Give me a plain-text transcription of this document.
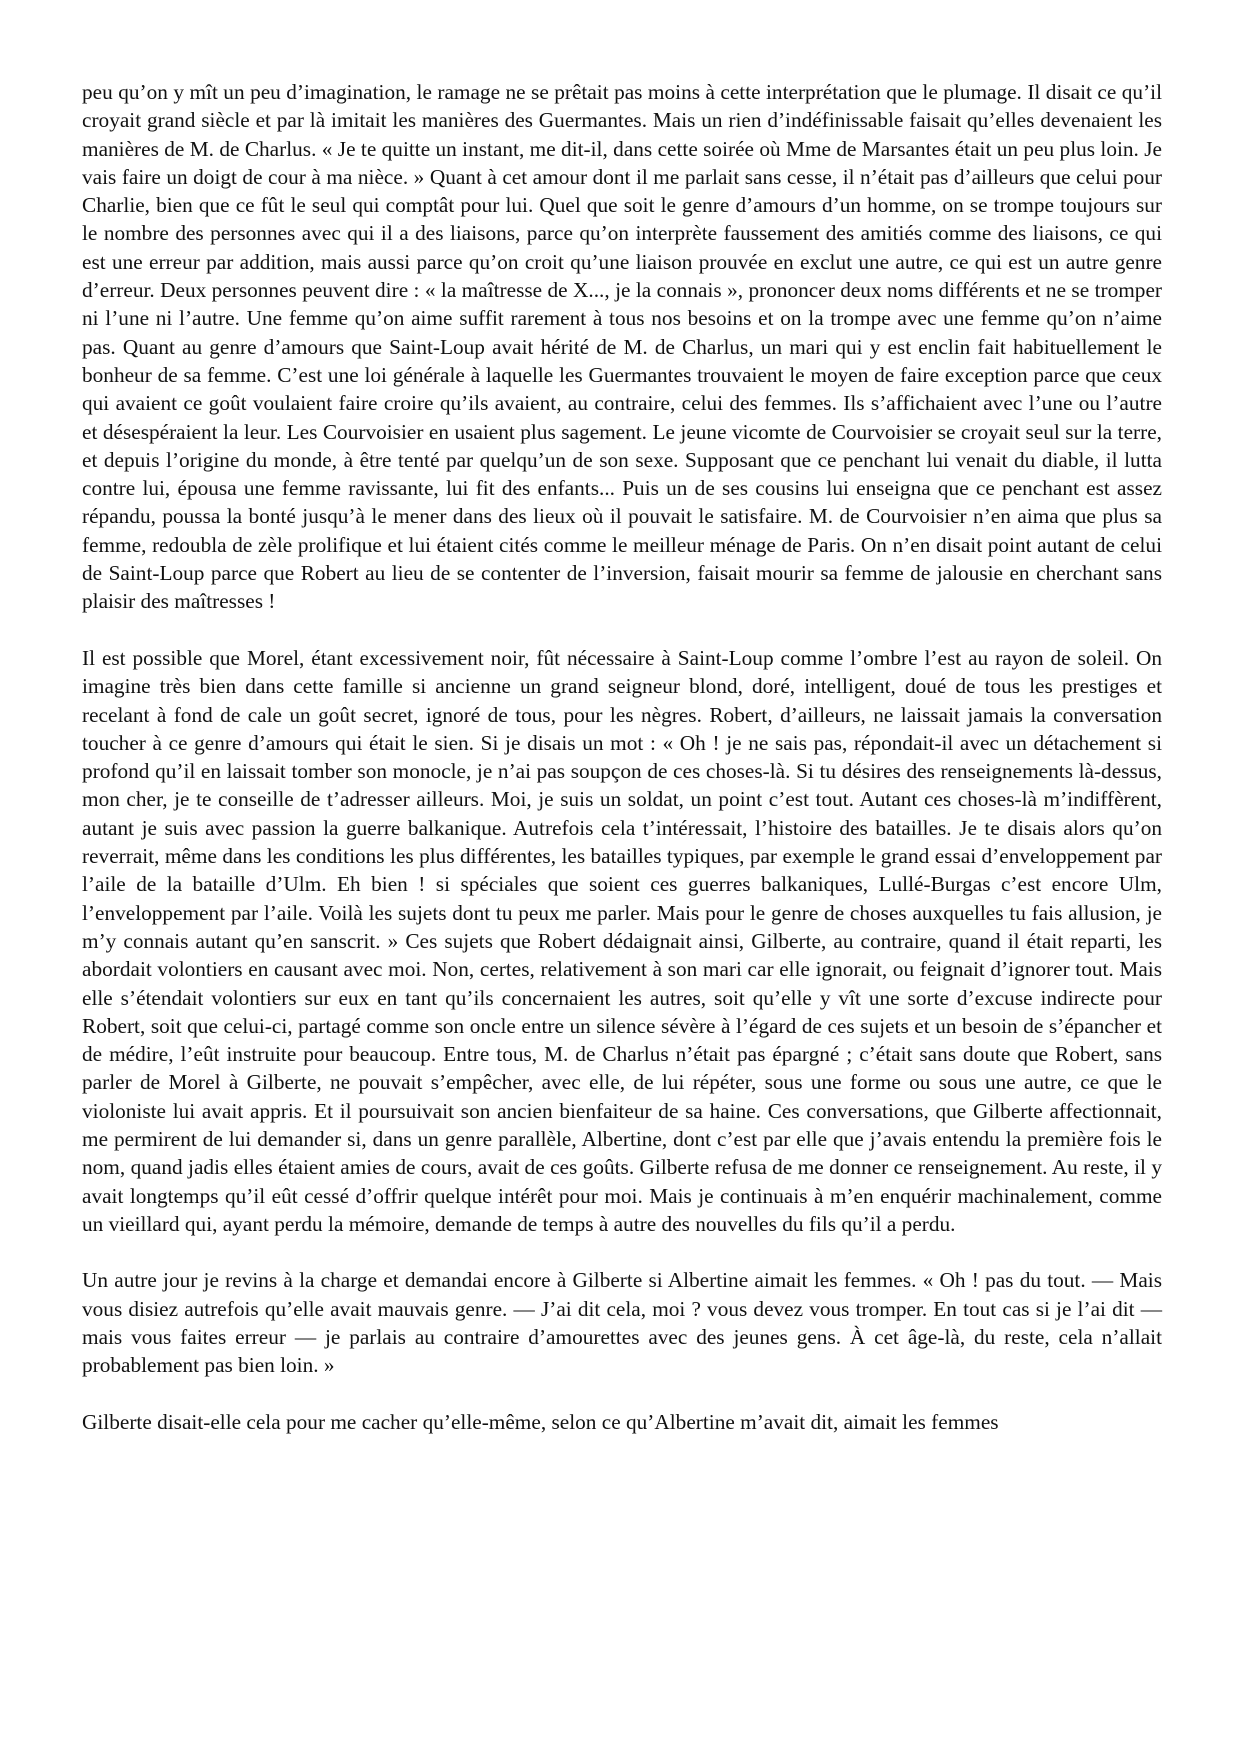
peu qu’on y mît un peu d’imagination, le ramage ne se prêtait pas moins à cette interprétation que le plumage. Il disait ce qu’il croyait grand siècle et par là imitait les manières des Guermantes. Mais un rien d’indéfinissable faisait qu’elles devenaient les manières de M. de Charlus. « Je te quitte un instant, me dit-il, dans cette soirée où Mme de Marsantes était un peu plus loin. Je vais faire un doigt de cour à ma nièce. » Quant à cet amour dont il me parlait sans cesse, il n’était pas d’ailleurs que celui pour Charlie, bien que ce fût le seul qui comptât pour lui. Quel que soit le genre d’amours d’un homme, on se trompe toujours sur le nombre des personnes avec qui il a des liaisons, parce qu’on interprète faussement des amitiés comme des liaisons, ce qui est une erreur par addition, mais aussi parce qu’on croit qu’une liaison prouvée en exclut une autre, ce qui est un autre genre d’erreur. Deux personnes peuvent dire : « la maîtresse de X..., je la connais », prononcer deux noms différents et ne se tromper ni l’une ni l’autre. Une femme qu’on aime suffit rarement à tous nos besoins et on la trompe avec une femme qu’on n’aime pas. Quant au genre d’amours que Saint-Loup avait hérité de M. de Charlus, un mari qui y est enclin fait habituellement le bonheur de sa femme. C’est une loi générale à laquelle les Guermantes trouvaient le moyen de faire exception parce que ceux qui avaient ce goût voulaient faire croire qu’ils avaient, au contraire, celui des femmes. Ils s’affichaient avec l’une ou l’autre et désespéraient la leur. Les Courvoisier en usaient plus sagement. Le jeune vicomte de Courvoisier se croyait seul sur la terre, et depuis l’origine du monde, à être tenté par quelqu’un de son sexe. Supposant que ce penchant lui venait du diable, il lutta contre lui, épousa une femme ravissante, lui fit des enfants... Puis un de ses cousins lui enseigna que ce penchant est assez répandu, poussa la bonté jusqu’à le mener dans des lieux où il pouvait le satisfaire. M. de Courvoisier n’en aima que plus sa femme, redoubla de zèle prolifique et lui étaient cités comme le meilleur ménage de Paris. On n’en disait point autant de celui de Saint-Loup parce que Robert au lieu de se contenter de l’inversion, faisait mourir sa femme de jalousie en cherchant sans plaisir des maîtresses !

Il est possible que Morel, étant excessivement noir, fût nécessaire à Saint-Loup comme l’ombre l’est au rayon de soleil. On imagine très bien dans cette famille si ancienne un grand seigneur blond, doré, intelligent, doué de tous les prestiges et recelant à fond de cale un goût secret, ignoré de tous, pour les nègres. Robert, d’ailleurs, ne laissait jamais la conversation toucher à ce genre d’amours qui était le sien. Si je disais un mot : « Oh ! je ne sais pas, répondait-il avec un détachement si profond qu’il en laissait tomber son monocle, je n’ai pas soupçon de ces choses-là. Si tu désires des renseignements là-dessus, mon cher, je te conseille de t’adresser ailleurs. Moi, je suis un soldat, un point c’est tout. Autant ces choses-là m’indiffèrent, autant je suis avec passion la guerre balkanique. Autrefois cela t’intéressait, l’histoire des batailles. Je te disais alors qu’on reverrait, même dans les conditions les plus différentes, les batailles typiques, par exemple le grand essai d’enveloppement par l’aile de la bataille d’Ulm. Eh bien ! si spéciales que soient ces guerres balkaniques, Lullé-Burgas c’est encore Ulm, l’enveloppement par l’aile. Voilà les sujets dont tu peux me parler. Mais pour le genre de choses auxquelles tu fais allusion, je m’y connais autant qu’en sanscrit. » Ces sujets que Robert dédaignait ainsi, Gilberte, au contraire, quand il était reparti, les abordait volontiers en causant avec moi. Non, certes, relativement à son mari car elle ignorait, ou feignait d’ignorer tout. Mais elle s’étendait volontiers sur eux en tant qu’ils concernaient les autres, soit qu’elle y vît une sorte d’excuse indirecte pour Robert, soit que celui-ci, partagé comme son oncle entre un silence sévère à l’égard de ces sujets et un besoin de s’épancher et de médire, l’eût instruite pour beaucoup. Entre tous, M. de Charlus n’était pas épargné ; c’était sans doute que Robert, sans parler de Morel à Gilberte, ne pouvait s’empêcher, avec elle, de lui répéter, sous une forme ou sous une autre, ce que le violoniste lui avait appris. Et il poursuivait son ancien bienfaiteur de sa haine. Ces conversations, que Gilberte affectionnait, me permirent de lui demander si, dans un genre parallèle, Albertine, dont c’est par elle que j’avais entendu la première fois le nom, quand jadis elles étaient amies de cours, avait de ces goûts. Gilberte refusa de me donner ce renseignement. Au reste, il y avait longtemps qu’il eût cessé d’offrir quelque intérêt pour moi. Mais je continuais à m’en enquérir machinalement, comme un vieillard qui, ayant perdu la mémoire, demande de temps à autre des nouvelles du fils qu’il a perdu.

Un autre jour je revins à la charge et demandai encore à Gilberte si Albertine aimait les femmes. « Oh ! pas du tout. — Mais vous disiez autrefois qu’elle avait mauvais genre. — J’ai dit cela, moi ? vous devez vous tromper. En tout cas si je l’ai dit — mais vous faites erreur — je parlais au contraire d’amourettes avec des jeunes gens. À cet âge-là, du reste, cela n’allait probablement pas bien loin. »

Gilberte disait-elle cela pour me cacher qu’elle-même, selon ce qu’Albertine m’avait dit, aimait les femmes
